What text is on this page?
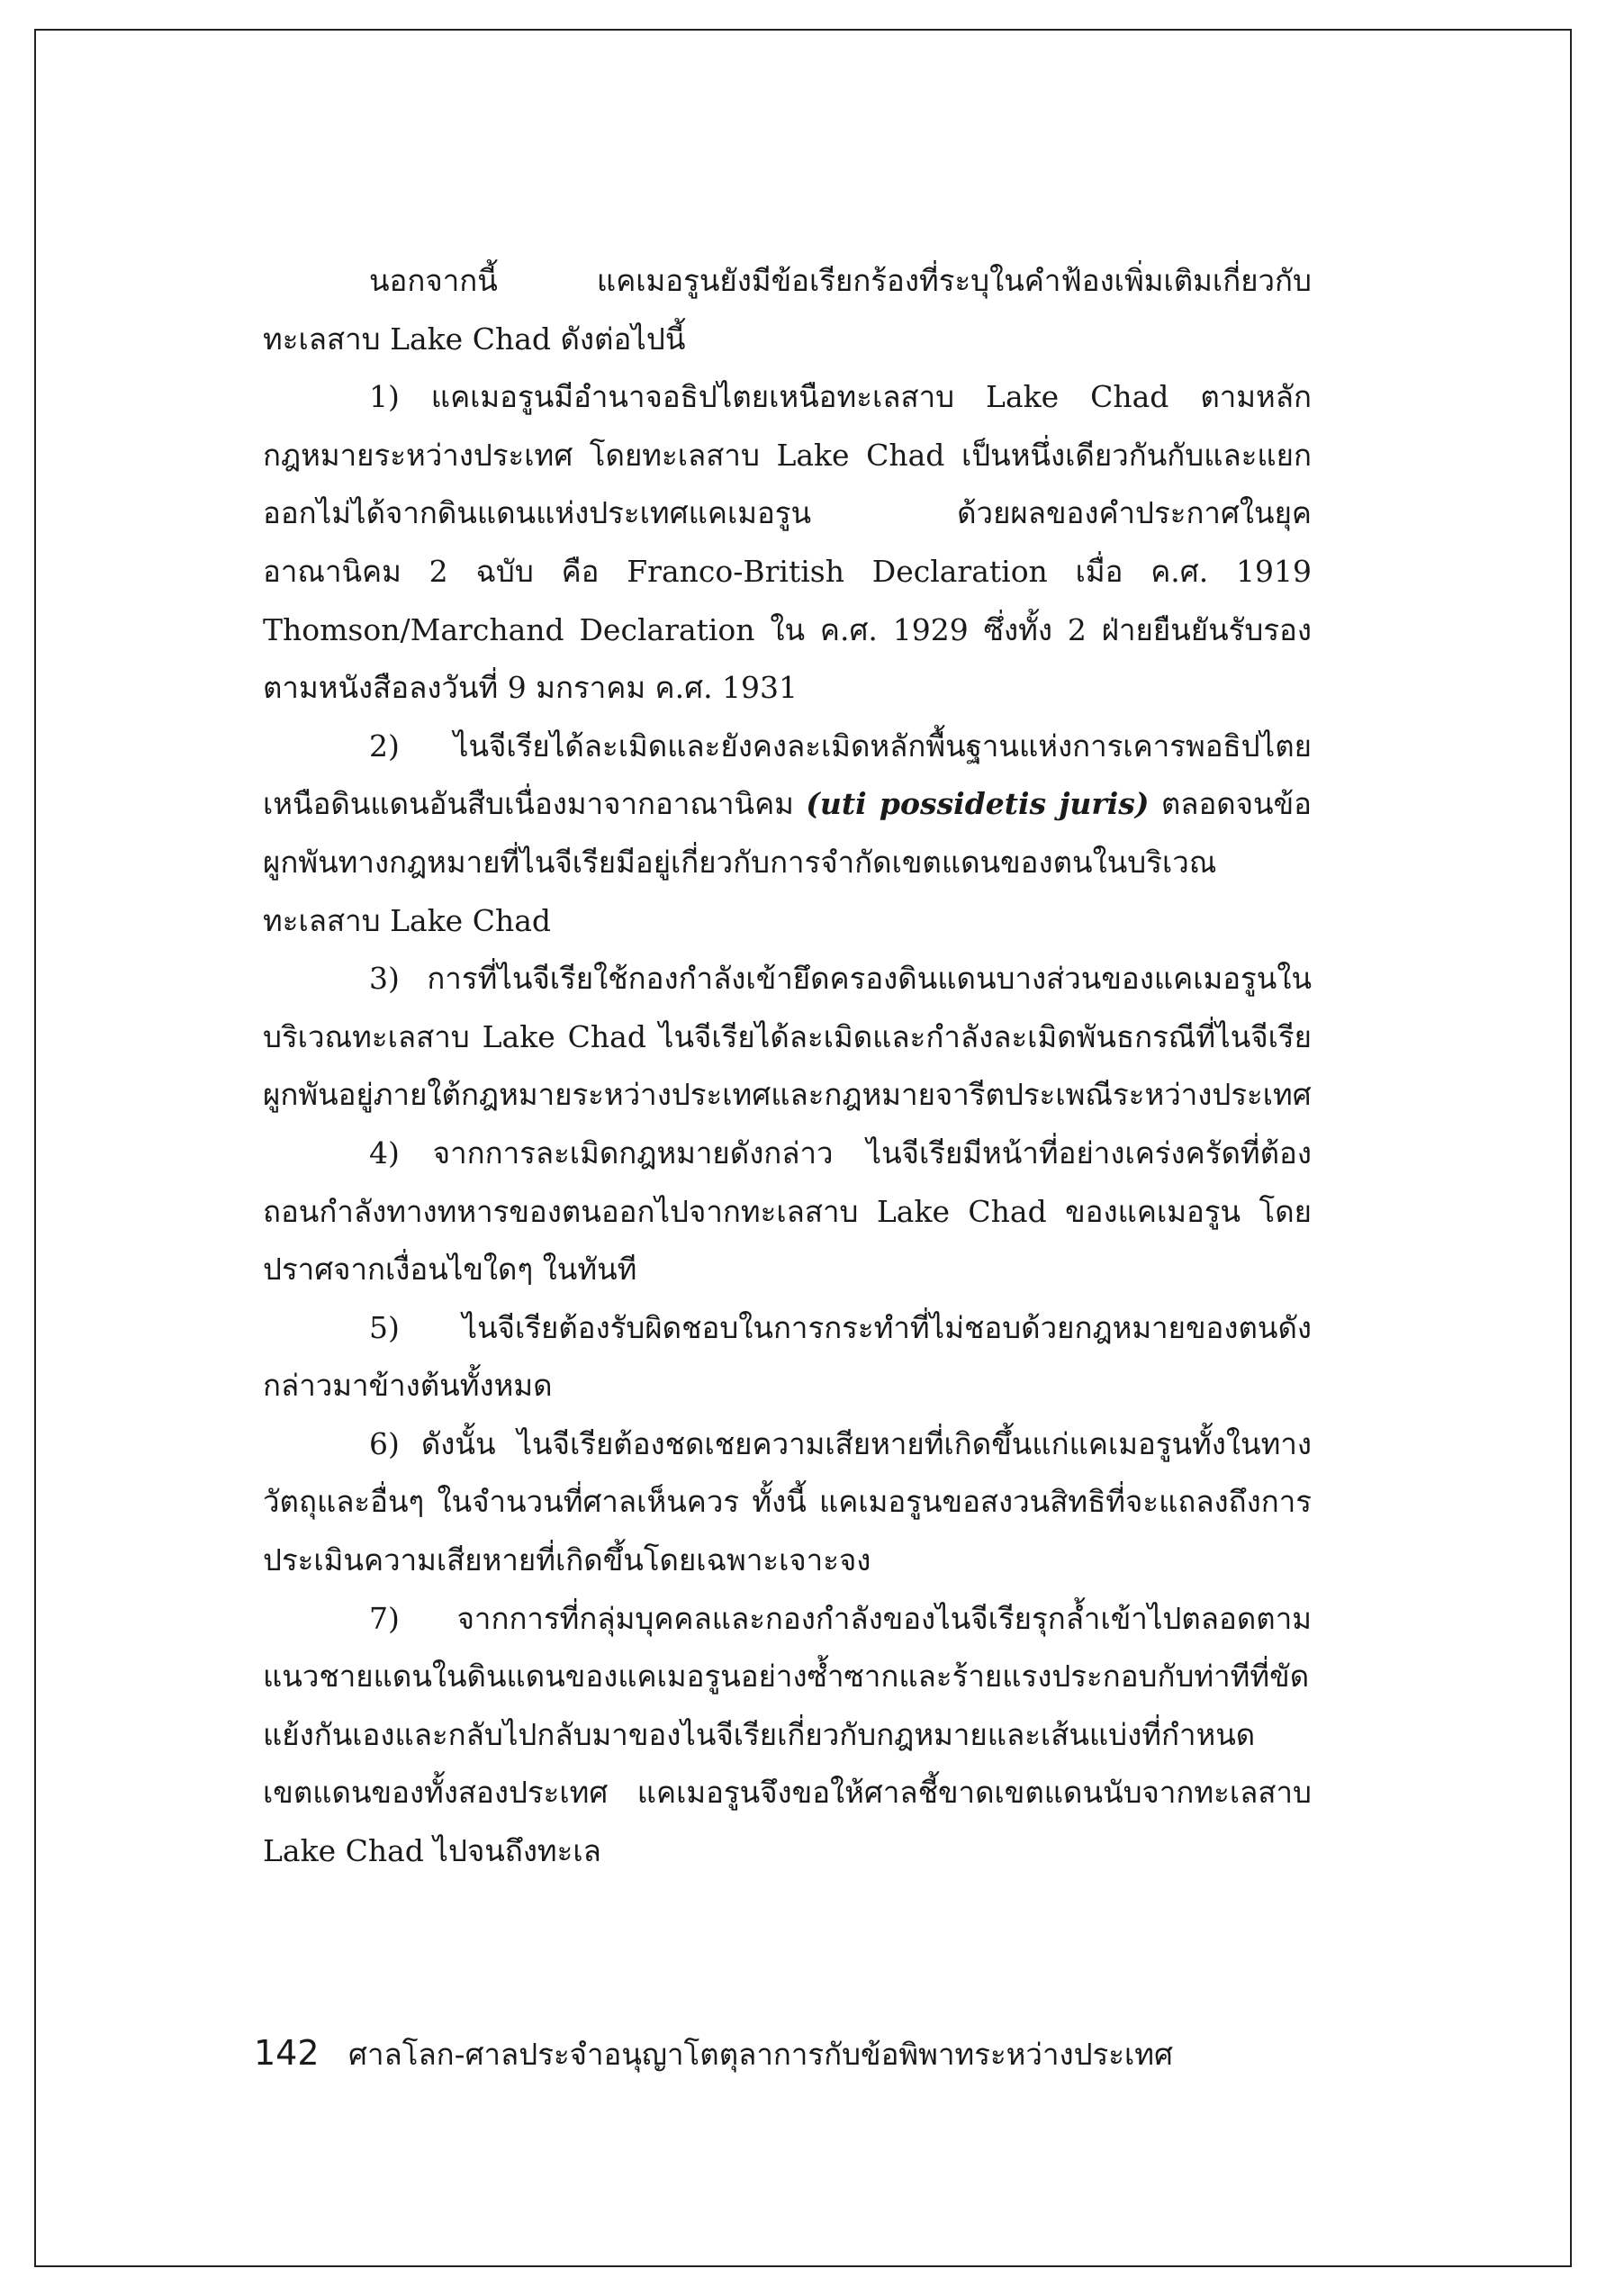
นอกจากนี้ แคเมอรูนยังมีข้อเรียกร้องที่ระบุในคำฟ้องเพิ่มเติมเกี่ยวกับทะเลสาบ Lake Chad ดังต่อไปนี้

1) แคเมอรูนมีอำนาจอธิปไตยเหนือทะเลสาบ Lake Chad ตามหลักกฎหมายระหว่างประเทศ โดยทะเลสาบ Lake Chad เป็นหนึ่งเดียวกันกับและแยกออกไม่ได้จากดินแดนแห่งประเทศแคเมอรูน ด้วยผลของคำประกาศในยุคอาณานิคม 2 ฉบับ คือ Franco-British Declaration เมื่อ ค.ศ. 1919 Thomson/Marchand Declaration ใน ค.ศ. 1929 ซึ่งทั้ง 2 ฝ่ายยืนยันรับรองตามหนังสือลงวันที่ 9 มกราคม ค.ศ. 1931

2) ไนจีเรียได้ละเมิดและยังคงละเมิดหลักพื้นฐานแห่งการเคารพอธิปไตยเหนือดินแดนอันสืบเนื่องมาจากอาณานิคม (uti possidetis juris) ตลอดจนข้อผูกพันทางกฎหมายที่ไนจีเรียมีอยู่เกี่ยวกับการจำกัดเขตแดนของตนในบริเวณทะเลสาบ Lake Chad

3) การที่ไนจีเรียใช้กองกำลังเข้ายึดครองดินแดนบางส่วนของแคเมอรูนในบริเวณทะเลสาบ Lake Chad ไนจีเรียได้ละเมิดและกำลังละเมิดพันธกรณีที่ไนจีเรียผูกพันอยู่ภายใต้กฎหมายระหว่างประเทศและกฎหมายจารีตประเพณีระหว่างประเทศ

4) จากการละเมิดกฎหมายดังกล่าว ไนจีเรียมีหน้าที่อย่างเคร่งครัดที่ต้องถอนกำลังทางทหารของตนออกไปจากทะเลสาบ Lake Chad ของแคเมอรูน โดยปราศจากเงื่อนไขใดๆ ในทันที

5) ไนจีเรียต้องรับผิดชอบในการกระทำที่ไม่ชอบด้วยกฎหมายของตนดังกล่าวมาข้างต้นทั้งหมด

6) ดังนั้น ไนจีเรียต้องชดเชยความเสียหายที่เกิดขึ้นแก่แคเมอรูนทั้งในทางวัตถุและอื่นๆ ในจำนวนที่ศาลเห็นควร ทั้งนี้ แคเมอรูนขอสงวนสิทธิที่จะแถลงถึงการประเมินความเสียหายที่เกิดขึ้นโดยเฉพาะเจาะจง

7) จากการที่กลุ่มบุคคลและกองกำลังของไนจีเรียรุกล้ำเข้าไปตลอดตามแนวชายแดนในดินแดนของแคเมอรูนอย่างซ้ำซากและร้ายแรงประกอบกับท่าทีที่ขัดแย้งกันเองและกลับไปกลับมาของไนจีเรียเกี่ยวกับกฎหมายและเส้นแบ่งที่กำหนดเขตแดนของทั้งสองประเทศ แคเมอรูนจึงขอให้ศาลชี้ขาดเขตแดนนับจากทะเลสาบ Lake Chad ไปจนถึงทะเล

142 ศาลโลก-ศาลประจำอนุญาโตตุลาการกับข้อพิพาทระหว่างประเทศ
